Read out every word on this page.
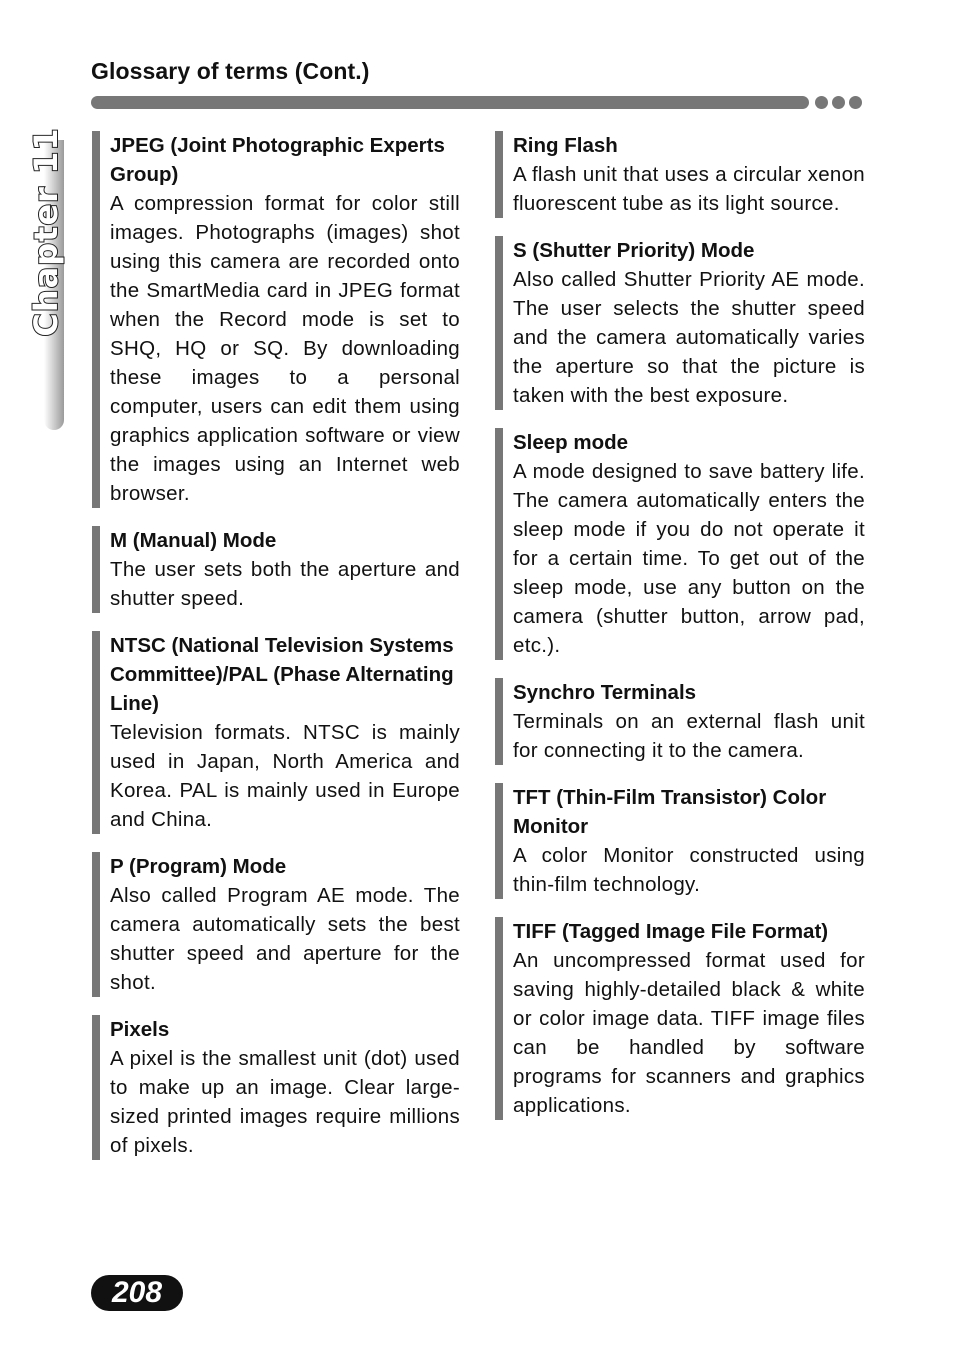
Glossary of terms (Cont.)
Chapter 11 JPEG (Joint Photographic Experts Group)
A compression format for color still images. Photographs (images) shot using this camera are recorded onto the SmartMedia card in JPEG format when the Record mode is set to SHQ, HQ or SQ. By downloading these images to a personal computer, users can edit them using graphics application software or view the images using an Internet web browser.
M (Manual) Mode
The user sets both the aperture and shutter speed.
NTSC (National Television Systems Committee)/PAL (Phase Alternating Line)
Television formats. NTSC is mainly used in Japan, North America and Korea. PAL is mainly used in Europe and China.
P (Program) Mode
Also called Program AE mode. The camera automatically sets the best shutter speed and aperture for the shot.
Pixels
A pixel is the smallest unit (dot) used to make up an image. Clear large-sized printed images require millions of pixels.
Ring Flash
A flash unit that uses a circular xenon fluorescent tube as its light source.
S (Shutter Priority) Mode
Also called Shutter Priority AE mode. The user selects the shutter speed and the camera automatically varies the aperture so that the picture is taken with the best exposure.
Sleep mode
A mode designed to save battery life. The camera automatically enters the sleep mode if you do not operate it for a certain time. To get out of the sleep mode, use any button on the camera (shutter button, arrow pad, etc.).
Synchro Terminals
Terminals on an external flash unit for connecting it to the camera.
TFT (Thin-Film Transistor) Color Monitor
A color Monitor constructed using thin-film technology.
TIFF (Tagged Image File Format)
An uncompressed format used for saving highly-detailed black & white or color image data. TIFF image files can be handled by software programs for scanners and graphics applications.
208
